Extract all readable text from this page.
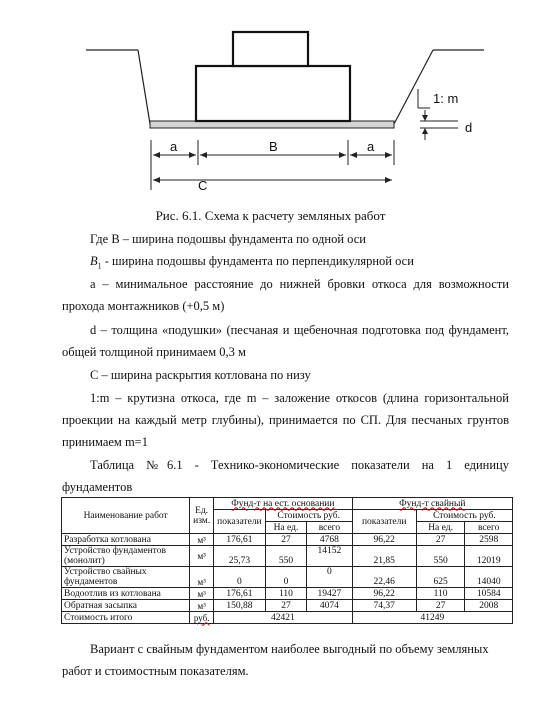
a	B	a
C
1: m
d
Рис. 6.1. Схема к расчету земляных работ
Где В – ширина подошвы фундамента по одной оси
$B_1$ - ширина подошвы фундамента по перпендикулярной оси
а – минимальное расстояние до нижней бровки откоса для возможности прохода монтажников (+0,5 м)
d – толщина «подушки» (песчаная и щебеночная подготовка под фундамент, общей толщиной принимаем 0,3 м
С – ширина раскрытия котлована по низу
1:m – крутизна откоса, где m – заложение откосов (длина горизонтальной проекции на каждый метр глубины), принимается по СП. Для песчаных грунтов принимаем m=1
Таблица №6.1 - Технико-экономические показатели на 1 единицу фундаментов
Наименование работ	Ед. изм.	Фунд-т на ест. основании			Фунд-т свайный		
		показатели	Стоимость руб.		показатели	Стоимость руб.	
			На ед.	всего		На ед.	всего
Разработка котлована	м³	176,61	27	4768	96,22	27	2598
Устройство фундаментов (монолит)	м³	25,73	550	14152	21,85	550	12019
Устройство свайных фундаментов	м³	0	0	0	22,46	625	14040
Водоотлив из котлована	м³	176,61	110	19427	96,22	110	10584
Обратная засыпка	м³	150,88	27	4074	74,37	27	2008
Стоимость итого	руб.	42421			41249		
Вариант с свайным фундаментом наиболее выгодный по объему земляных работ и стоимостным показателям.
